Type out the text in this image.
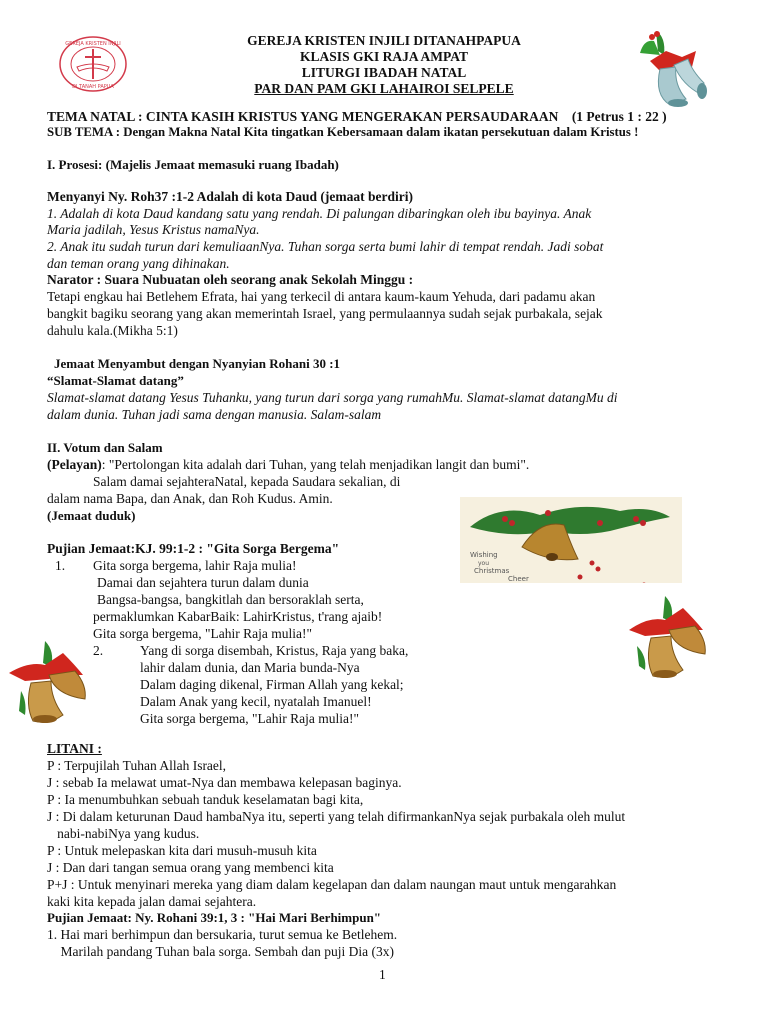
GEREJA KRISTEN INJILI
DI TANAH PAPUA
GEREJA KRISTEN INJILI DITANAHPAPUA
KLASIS GKI RAJA AMPAT
LITURGI IBADAH NATAL
PAR DAN PAM GKI LAHAIROI SELPELE
TEMA NATAL : CINTA KASIH KRISTUS YANG MENGERAKAN PERSAUDARAAN (1 Petrus 1 : 22 )
SUB TEMA : Dengan Makna Natal Kita tingatkan Kebersamaan dalam ikatan persekutuan dalam Kristus !
I. Prosesi: (Majelis Jemaat memasuki ruang Ibadah)
Menyanyi Ny. Roh37 :1-2 Adalah di kota Daud (jemaat berdiri)
1. Adalah di kota Daud kandang satu yang rendah. Di palungan dibaringkan oleh ibu bayinya. Anak
Maria jadilah, Yesus Kristus namaNya.
2. Anak itu sudah turun dari kemuliaanNya. Tuhan sorga serta bumi lahir di tempat rendah. Jadi sobat
dan teman orang yang dihinakan.
Narator : Suara Nubuatan oleh seorang anak Sekolah Minggu :
Tetapi engkau hai Betlehem Efrata, hai yang terkecil di antara kaum-kaum Yehuda, dari padamu akan
bangkit bagiku seorang yang akan memerintah Israel, yang permulaannya sudah sejak purbakala, sejak
dahulu kala.(Mikha 5:1)
Jemaat Menyambut dengan Nyanyian Rohani 30 :1
“Slamat-Slamat datang”
Slamat-slamat datang Yesus Tuhanku, yang turun dari sorga yang rumahMu. Slamat-slamat datangMu di
dalam dunia. Tuhan jadi sama dengan manusia. Salam-salam
II. Votum dan Salam
(Pelayan): "Pertolongan kita adalah dari Tuhan, yang telah menjadikan langit dan bumi".
Salam damai sejahteraNatal, kepada Saudara sekalian, di
dalam nama Bapa, dan Anak, dan Roh Kudus. Amin.
(Jemaat duduk)
Wishing
you
Christmas
Cheer
Pujian Jemaat:KJ. 99:1-2 : "Gita Sorga Bergema"
1. Gita sorga bergema, lahir Raja mulia!
Damai dan sejahtera turun dalam dunia
Bangsa-bangsa, bangkitlah dan bersoraklah serta,
permaklumkan KabarBaik: LahirKristus, t'rang ajaib!
Gita sorga bergema, "Lahir Raja mulia!"
2.	Yang di sorga disembah, Kristus, Raja yang baka,
lahir dalam dunia, dan Maria bunda-Nya
Dalam daging dikenal, Firman Allah yang kekal;
Dalam Anak yang kecil, nyatalah Imanuel!
Gita sorga bergema, "Lahir Raja mulia!"
LITANI :
P : Terpujilah Tuhan Allah Israel,
J : sebab Ia melawat umat-Nya dan membawa kelepasan baginya.
P : Ia menumbuhkan sebuah tanduk keselamatan bagi kita,
J : Di dalam keturunan Daud hambaNya itu, seperti yang telah difirmankanNya sejak purbakala oleh mulut
nabi-nabiNya yang kudus.
P : Untuk melepaskan kita dari musuh-musuh kita
J : Dan dari tangan semua orang yang membenci kita
P+J : Untuk menyinari mereka yang diam dalam kegelapan dan dalam naungan maut untuk mengarahkan
kaki kita kepada jalan damai sejahtera.
Pujian Jemaat: Ny. Rohani 39:1, 3 : "Hai Mari Berhimpun"
1. Hai mari berhimpun dan bersukaria, turut semua ke Betlehem.
Marilah pandang Tuhan bala sorga. Sembah dan puji Dia (3x)
1
